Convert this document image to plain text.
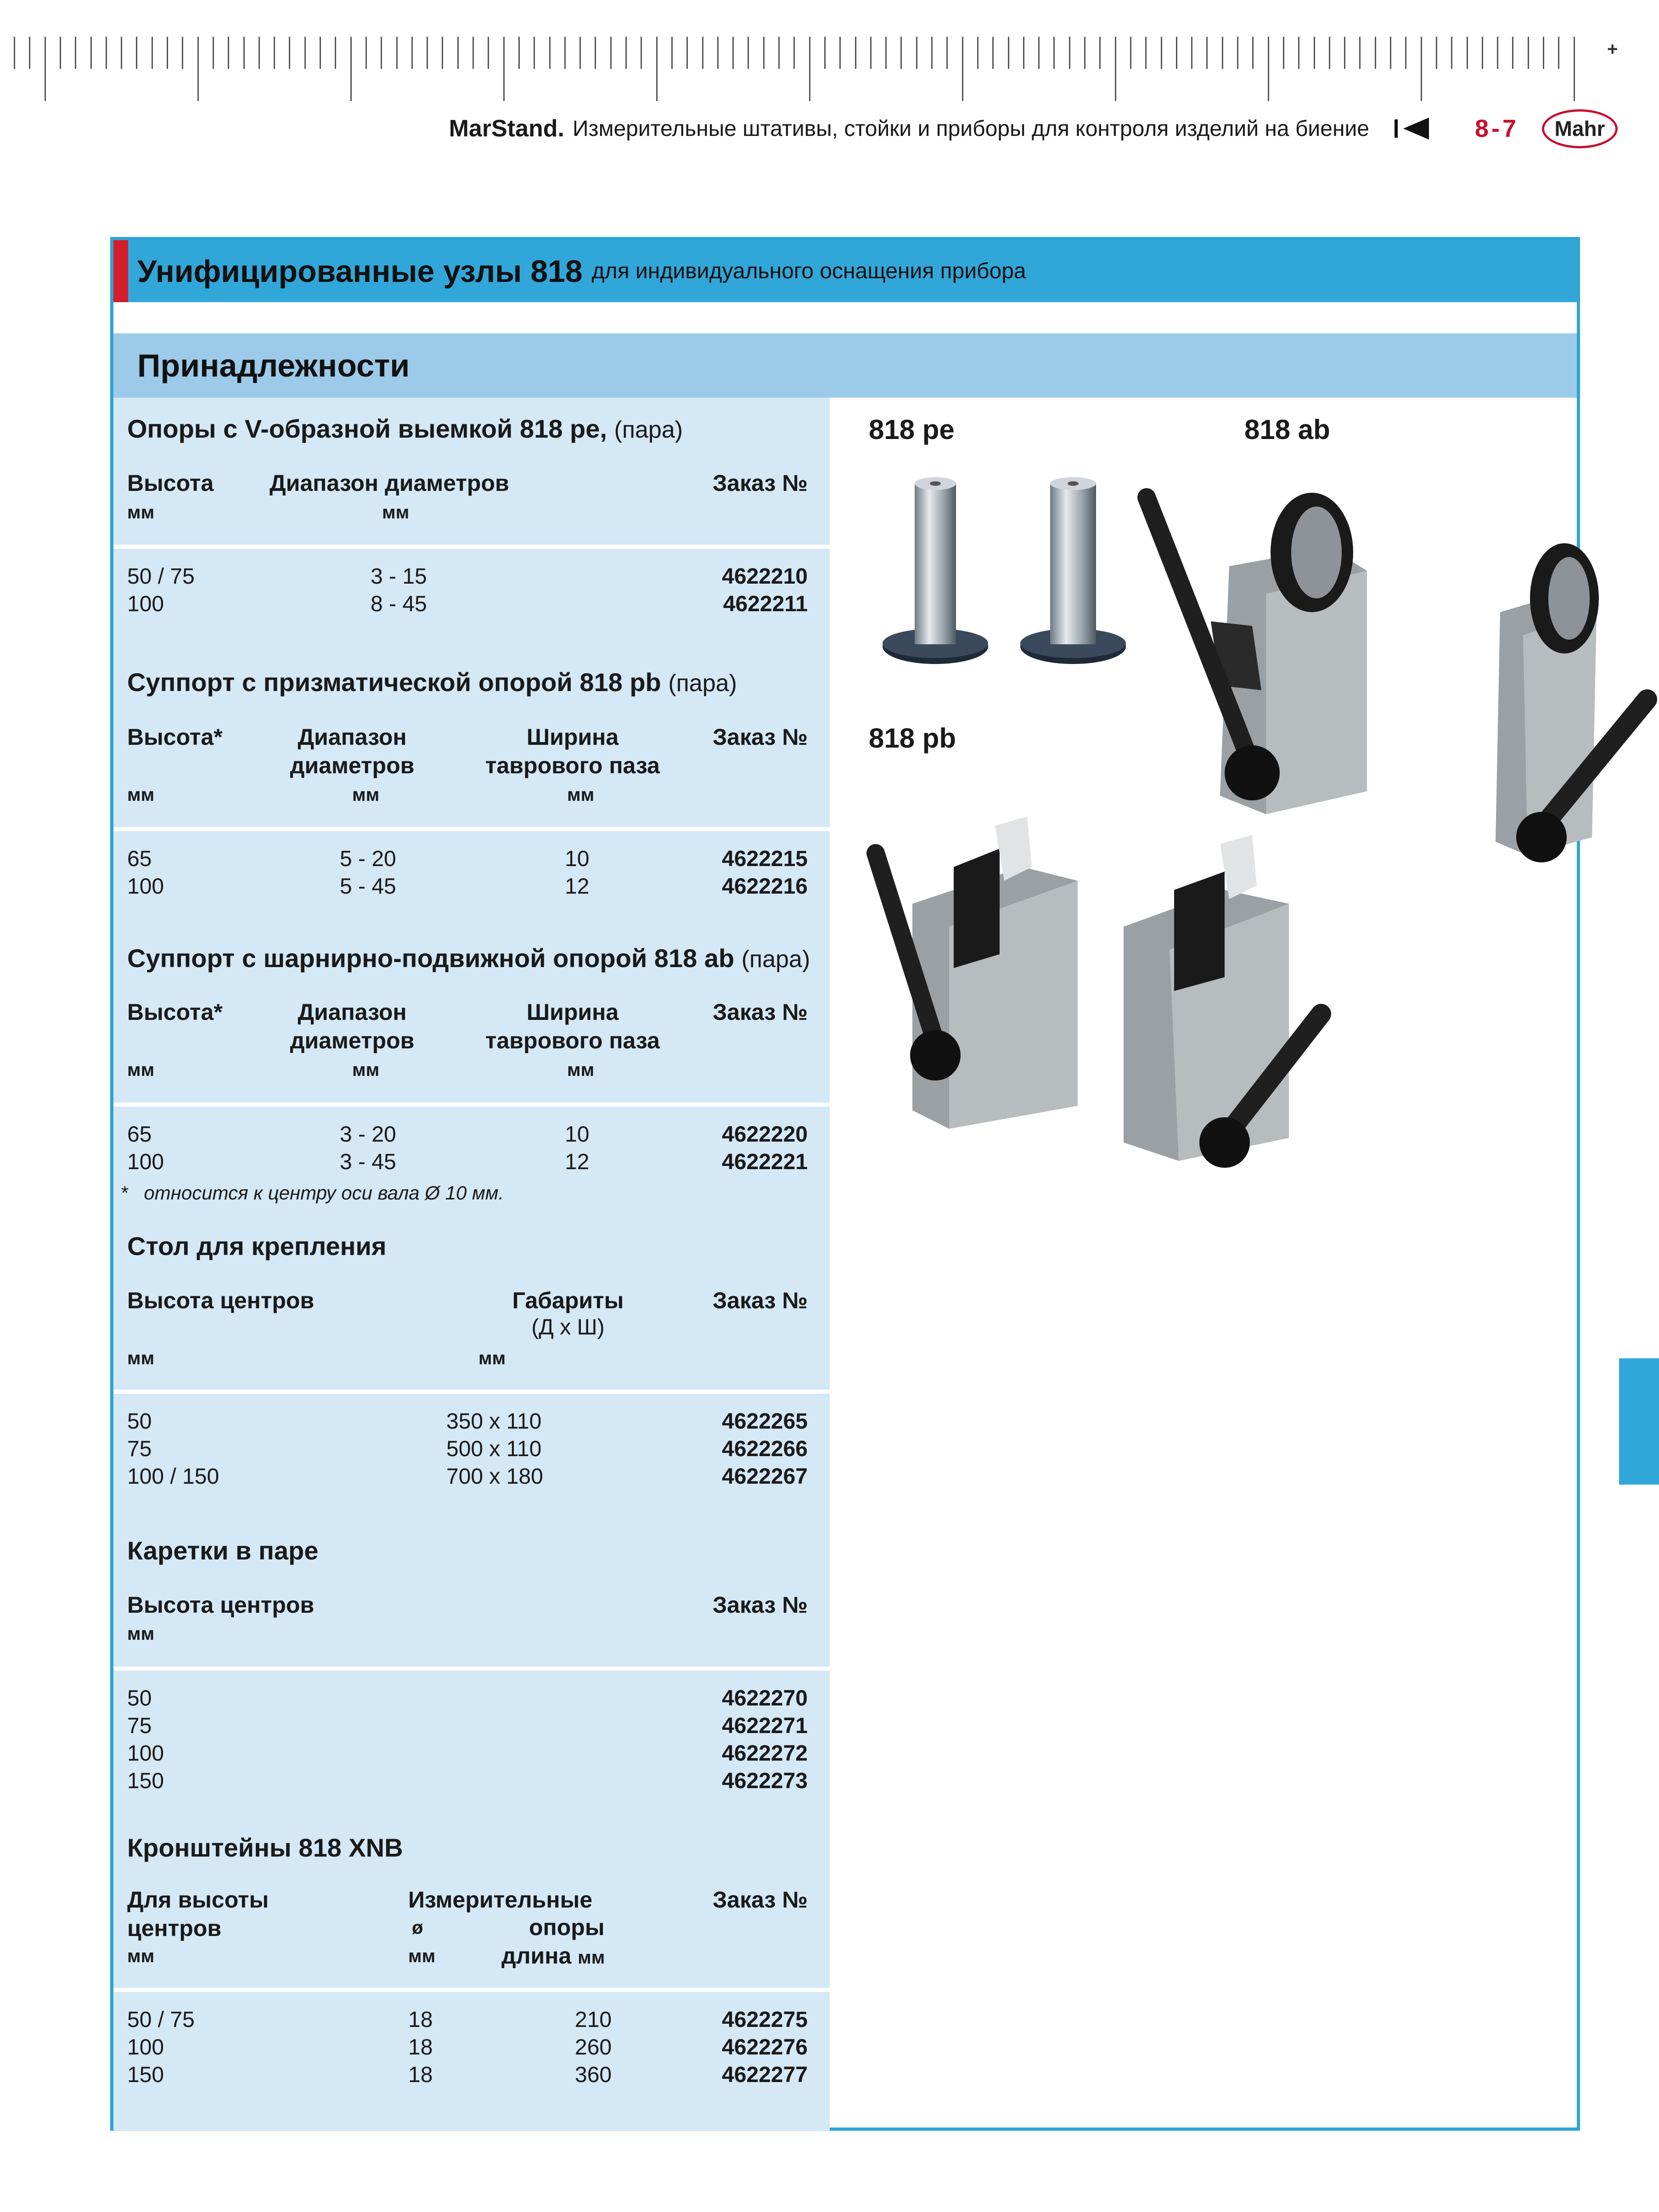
+
MarStand. Измерительные штативы, стойки и приборы для контроля изделий на биение	8-7 Mahr
Унифицированные узлы 818 для индивидуального оснащения прибора
Принадлежности
Опоры с V-образной выемкой 818 pe, (пара)
Высота Диапазон диаметров	Заказ №
мм	мм
50 / 75	3 - 15	4622210
100	8 - 45	4622211
Суппорт с призматической опорой 818 pb (пара)
Высота*	Диапазон
диаметров
Ширина
таврового паза
Заказ №
мм	мм	мм
65	5 - 20	10	4622215
100	5 - 45	12	4622216
Суппорт с шарнирно-подвижной опорой 818 ab (пара)
Высота*	Диапазон
диаметров
Ширина
таврового паза
Заказ №
мм	мм	мм
65	3 - 20	10	4622220
100	3 - 45	12	4622221
* относится к центру оси вала Ø 10 мм.
Стол для крепления
Высота центров	Габариты
(Д х Ш)
Заказ №
мм	мм
50	350 x 110	4622265
75	500 x 110	4622266
100 / 150	700 x 180	4622267
Каретки в паре
Высота центров	Заказ №
мм
50	4622270
75	4622271
100	4622272
150	4622273
Кронштейны 818 XNB
Для высоты
центров
Измерительные
ø	опоры
длина мм
Заказ №
мм	мм
50 / 75	18	210	4622275
100	18	260	4622276
150	18	360	4622277
818 pe	818 ab
818 pb
